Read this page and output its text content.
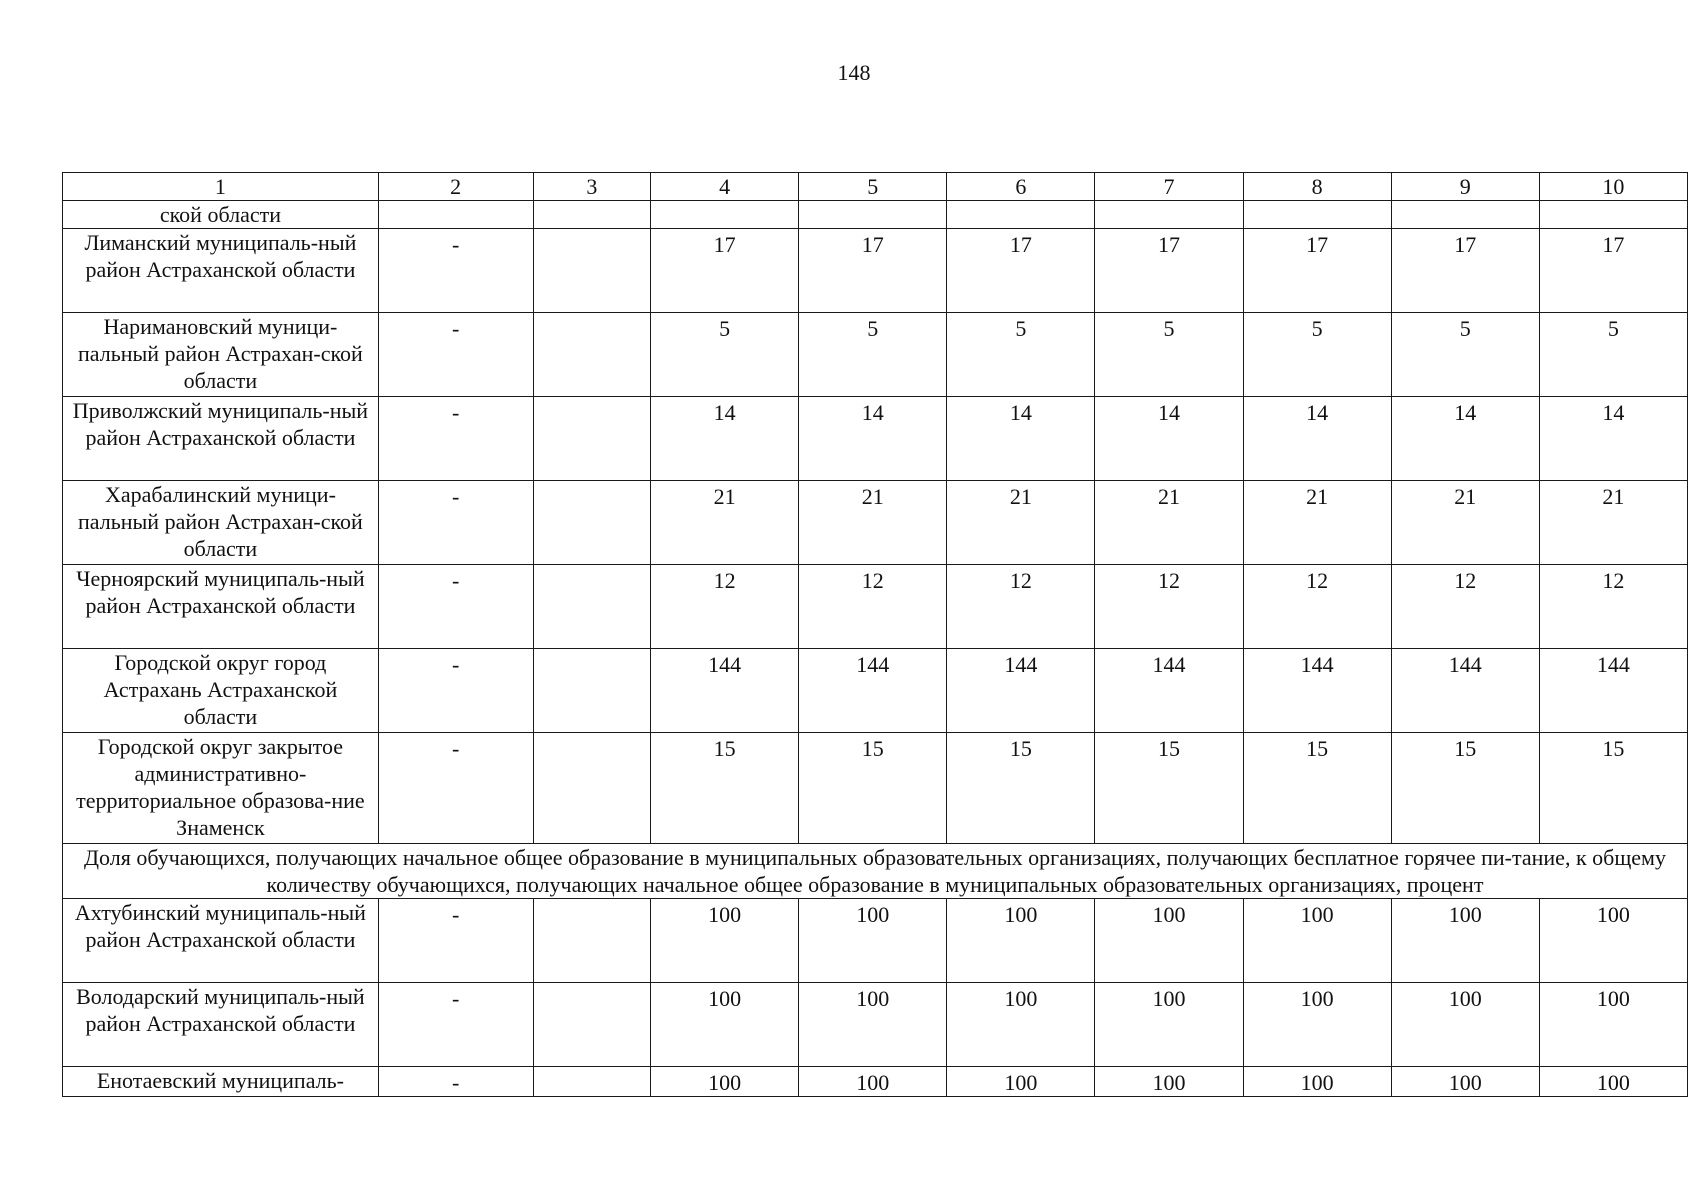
148
1	2	3	4	5	6	7	8	9	10
ской области									
Лиманский муниципаль-ный район Астраханской области	-		17	17	17	17	17	17	17
Наримановский муници-пальный район Астрахан-ской области	-		5	5	5	5	5	5	5
Приволжский муниципаль-ный район Астраханской области	-		14	14	14	14	14	14	14
Харабалинский муници-пальный район Астрахан-ской области	-		21	21	21	21	21	21	21
Черноярский муниципаль-ный район Астраханской области	-		12	12	12	12	12	12	12
Городской округ город Астрахань Астраханской области	-		144	144	144	144	144	144	144
Городской округ закрытое административно-территориальное образова-ние Знаменск	-		15	15	15	15	15	15	15
Доля обучающихся, получающих начальное общее образование в муниципальных образовательных организациях, получающих бесплатное горячее пи-тание, к общему количеству обучающихся, получающих начальное общее образование в муниципальных образовательных организациях, процент									
Ахтубинский муниципаль-ный район Астраханской области	-		100	100	100	100	100	100	100
Володарский муниципаль-ный район Астраханской области	-		100	100	100	100	100	100	100
Енотаевский муниципаль-	-		100	100	100	100	100	100	100
